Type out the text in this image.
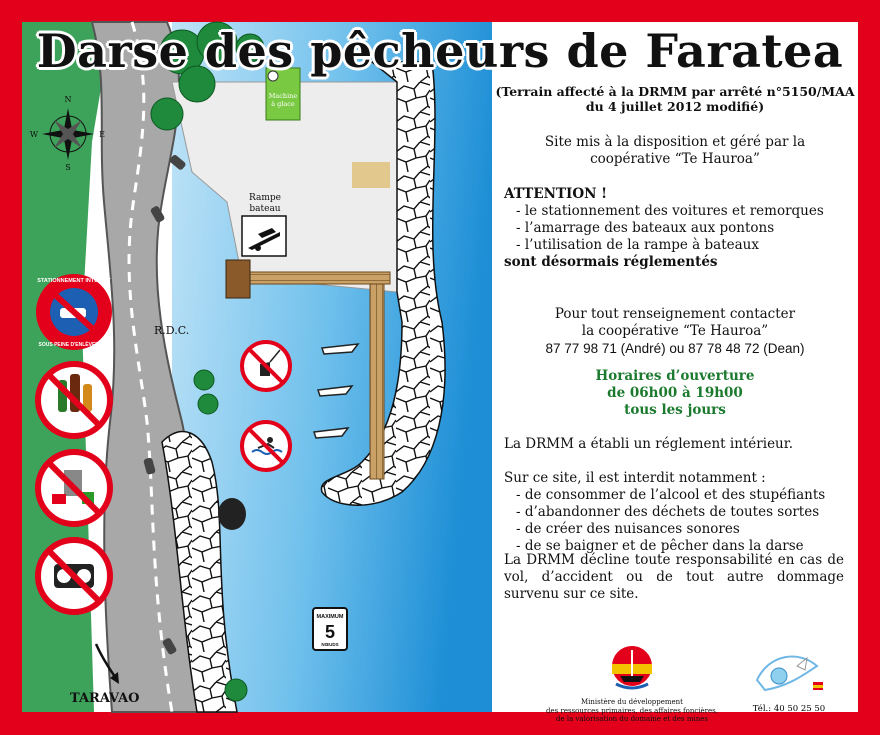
Machine
à glace
Rampe
bateau
R.D.C.
TARAVAO
N
E
S
W
STATIONNEMENT INTERDIT
SOUS PEINE D'ENLÈVEMENT
MAXIMUM
5
NŒUDS
Darse des pêcheurs de Faratea
(Terrain affecté à la DRMM par arrêté n°5150/MAA
du 4 juillet 2012 modifié)
Site mis à la disposition et géré par la
coopérative “Te Hauroa”
ATTENTION !
- le stationnement des voitures et remorques
- l’amarrage des bateaux aux pontons
- l’utilisation de la rampe à bateaux
sont désormais réglementés
Pour tout renseignement contacter
la coopérative “Te Hauroa”
87 77 98 71 (André) ou 87 78 48 72 (Dean)
Horaires d’ouverture
de 06h00 à 19h00
tous les jours
La DRMM a établi un réglement intérieur.
Sur ce site, il est interdit notamment :
- de consommer de l’alcool et des stupéfiants
- d’abandonner des déchets de toutes sortes
- de créer des nuisances sonores
- de se baigner et de pêcher dans la darse
La DRMM décline toute responsabilité en cas de vol, d’accident ou de tout autre dommage survenu sur ce site.
Ministère du développement
des ressources primaires, des affaires foncières,
de la valorisation du domaine et des mines
Tél.: 40 50 25 50
